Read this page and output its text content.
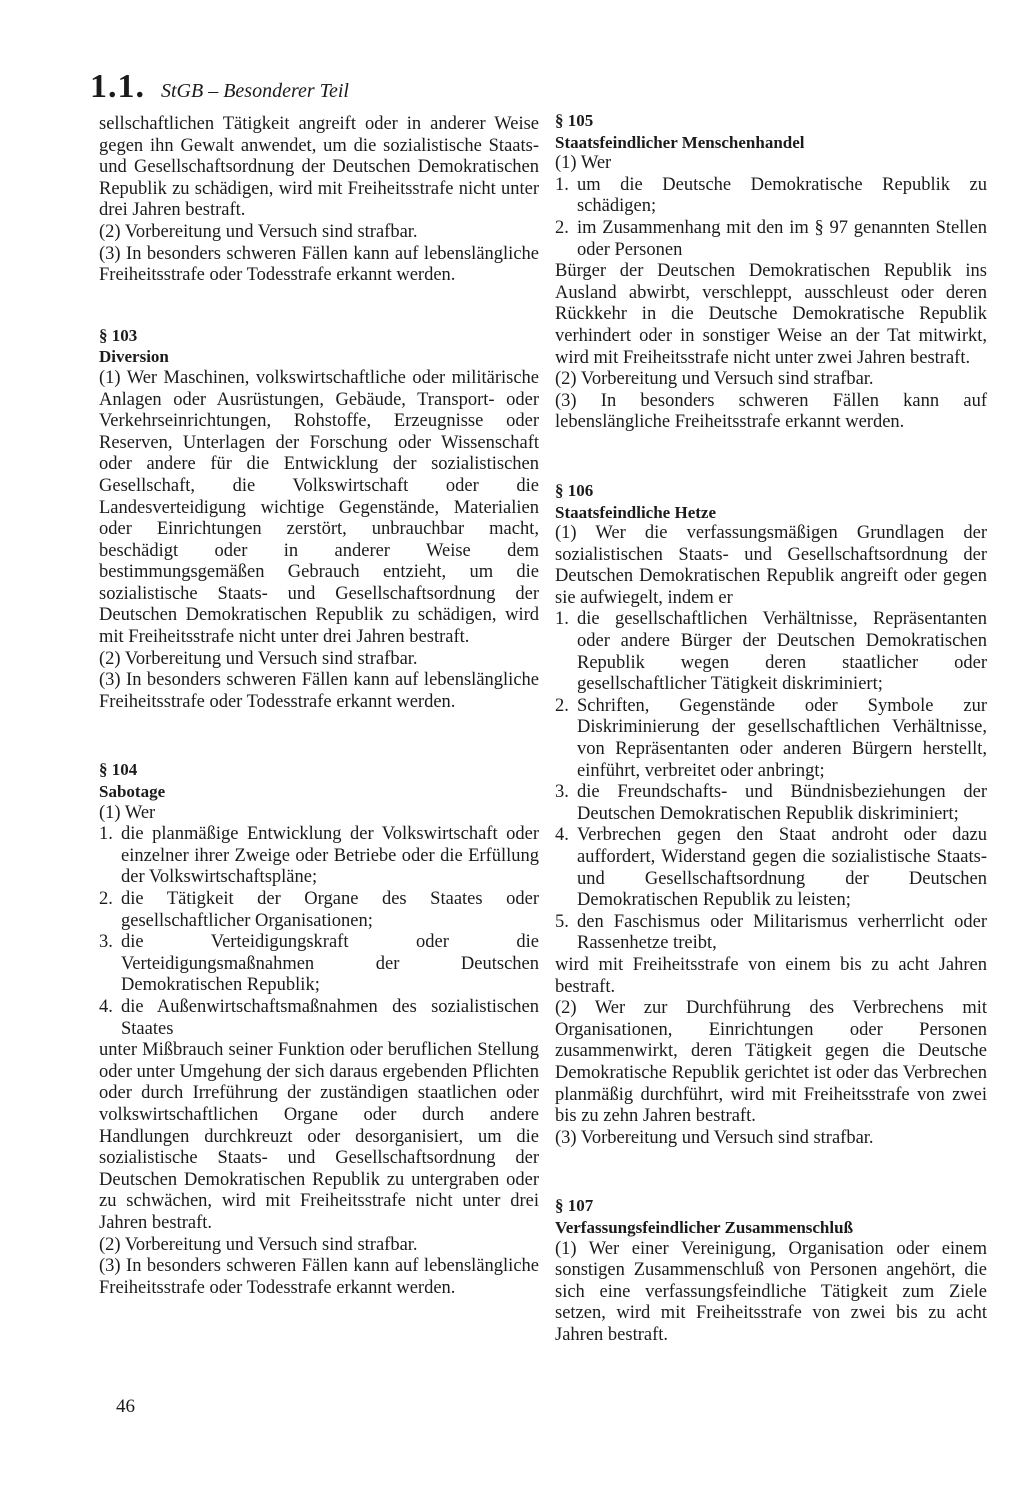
1.1. StGB – Besonderer Teil

sellschaftlichen Tätigkeit angreift oder in anderer Weise gegen ihn Gewalt anwendet, um die sozialistische Staats- und Gesellschaftsordnung der Deutschen Demokratischen Republik zu schädigen, wird mit Freiheitsstrafe nicht unter drei Jahren bestraft.

(2) Vorbereitung und Versuch sind strafbar.

(3) In besonders schweren Fällen kann auf lebenslängliche Freiheitsstrafe oder Todesstrafe erkannt werden.

§ 103
Diversion

(1) Wer Maschinen, volkswirtschaftliche oder militärische Anlagen oder Ausrüstungen, Gebäude, Transport- oder Verkehrseinrichtungen, Rohstoffe, Erzeugnisse oder Reserven, Unterlagen der Forschung oder Wissenschaft oder andere für die Entwicklung der sozialistischen Gesellschaft, die Volkswirtschaft oder die Landesverteidigung wichtige Gegenstände, Materialien oder Einrichtungen zerstört, unbrauchbar macht, beschädigt oder in anderer Weise dem bestimmungsgemäßen Gebrauch entzieht, um die sozialistische Staats- und Gesellschaftsordnung der Deutschen Demokratischen Republik zu schädigen, wird mit Freiheitsstrafe nicht unter drei Jahren bestraft.

(2) Vorbereitung und Versuch sind strafbar.

(3) In besonders schweren Fällen kann auf lebenslängliche Freiheitsstrafe oder Todesstrafe erkannt werden.

§ 104
Sabotage

(1) Wer

1. die planmäßige Entwicklung der Volkswirtschaft oder einzelner ihrer Zweige oder Betriebe oder die Erfüllung der Volkswirtschaftspläne;
2. die Tätigkeit der Organe des Staates oder gesellschaftlicher Organisationen;
3. die Verteidigungskraft oder die Verteidigungsmaßnahmen der Deutschen Demokratischen Republik;
4. die Außenwirtschaftsmaßnahmen des sozialistischen Staates

unter Mißbrauch seiner Funktion oder beruflichen Stellung oder unter Umgehung der sich daraus ergebenden Pflichten oder durch Irreführung der zuständigen staatlichen oder volkswirtschaftlichen Organe oder durch andere Handlungen durchkreuzt oder desorganisiert, um die sozialistische Staats- und Gesellschaftsordnung der Deutschen Demokratischen Republik zu untergraben oder zu schwächen, wird mit Freiheitsstrafe nicht unter drei Jahren bestraft.

(2) Vorbereitung und Versuch sind strafbar.

(3) In besonders schweren Fällen kann auf lebenslängliche Freiheitsstrafe oder Todesstrafe erkannt werden.

§ 105
Staatsfeindlicher Menschenhandel

(1) Wer

1. um die Deutsche Demokratische Republik zu schädigen;
2. im Zusammenhang mit den im § 97 genannten Stellen oder Personen

Bürger der Deutschen Demokratischen Republik ins Ausland abwirbt, verschleppt, ausschleust oder deren Rückkehr in die Deutsche Demokratische Republik verhindert oder in sonstiger Weise an der Tat mitwirkt, wird mit Freiheitsstrafe nicht unter zwei Jahren bestraft.

(2) Vorbereitung und Versuch sind strafbar.

(3) In besonders schweren Fällen kann auf lebenslängliche Freiheitsstrafe erkannt werden.

§ 106
Staatsfeindliche Hetze

(1) Wer die verfassungsmäßigen Grundlagen der sozialistischen Staats- und Gesellschaftsordnung der Deutschen Demokratischen Republik angreift oder gegen sie aufwiegelt, indem er

1. die gesellschaftlichen Verhältnisse, Repräsentanten oder andere Bürger der Deutschen Demokratischen Republik wegen deren staatlicher oder gesellschaftlicher Tätigkeit diskriminiert;
2. Schriften, Gegenstände oder Symbole zur Diskriminierung der gesellschaftlichen Verhältnisse, von Repräsentanten oder anderen Bürgern herstellt, einführt, verbreitet oder anbringt;
3. die Freundschafts- und Bündnisbeziehungen der Deutschen Demokratischen Republik diskriminiert;
4. Verbrechen gegen den Staat androht oder dazu auffordert, Widerstand gegen die sozialistische Staats- und Gesellschaftsordnung der Deutschen Demokratischen Republik zu leisten;
5. den Faschismus oder Militarismus verherrlicht oder Rassenhetze treibt,

wird mit Freiheitsstrafe von einem bis zu acht Jahren bestraft.

(2) Wer zur Durchführung des Verbrechens mit Organisationen, Einrichtungen oder Personen zusammenwirkt, deren Tätigkeit gegen die Deutsche Demokratische Republik gerichtet ist oder das Verbrechen planmäßig durchführt, wird mit Freiheitsstrafe von zwei bis zu zehn Jahren bestraft.

(3) Vorbereitung und Versuch sind strafbar.

§ 107
Verfassungsfeindlicher Zusammenschluß

(1) Wer einer Vereinigung, Organisation oder einem sonstigen Zusammenschluß von Personen angehört, die sich eine verfassungsfeindliche Tätigkeit zum Ziele setzen, wird mit Freiheitsstrafe von zwei bis zu acht Jahren bestraft.

46
